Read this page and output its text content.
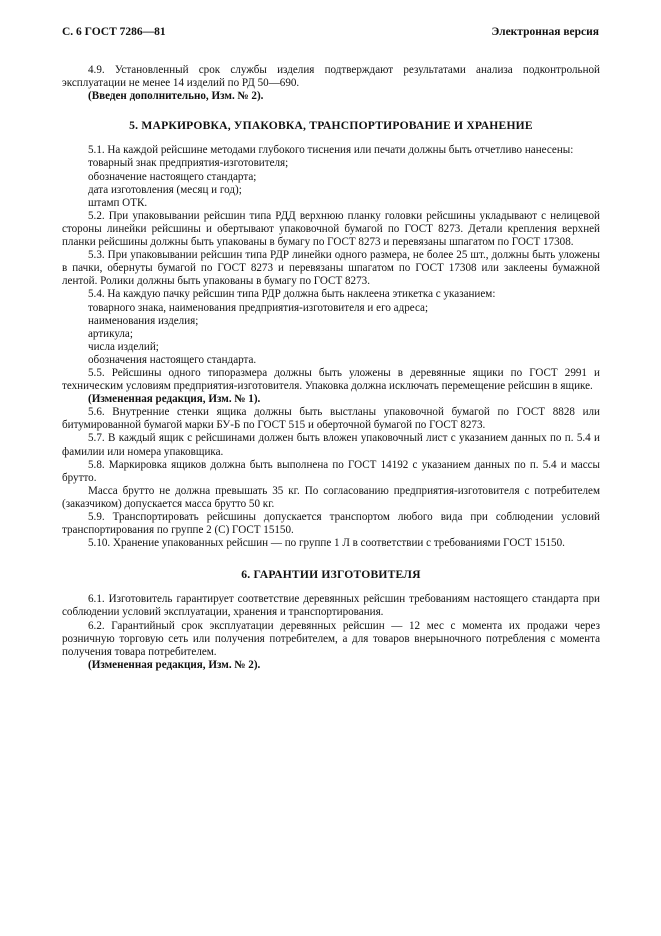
С. 6 ГОСТ 7286—81	Электронная версия

4.9. Установленный срок службы изделия подтверждают результатами анализа подконтрольной эксплуатации не менее 14 изделий по РД 50—690.

(Введен дополнительно, Изм. № 2).

5. МАРКИРОВКА, УПАКОВКА, ТРАНСПОРТИРОВАНИЕ И ХРАНЕНИЕ

5.1. На каждой рейсшине методами глубокого тиснения или печати должны быть отчетливо нанесены:

товарный знак предприятия-изготовителя;

обозначение настоящего стандарта;

дата изготовления (месяц и год);

штамп ОТК.

5.2. При упаковывании рейсшин типа РДД верхнюю планку головки рейсшины укладывают с нелицевой стороны линейки рейсшины и обертывают упаковочной бумагой по ГОСТ 8273. Детали крепления верхней планки рейсшины должны быть упакованы в бумагу по ГОСТ 8273 и перевязаны шпагатом по ГОСТ 17308.

5.3. При упаковывании рейсшин типа РДР линейки одного размера, не более 25 шт., должны быть уложены в пачки, обернуты бумагой по ГОСТ 8273 и перевязаны шпагатом по ГОСТ 17308 или заклеены бумажной лентой. Ролики должны быть упакованы в бумагу по ГОСТ 8273.

5.4. На каждую пачку рейсшин типа РДР должна быть наклеена этикетка с указанием:

товарного знака, наименования предприятия-изготовителя и его адреса;

наименования изделия;

артикула;

числа изделий;

обозначения настоящего стандарта.

5.5. Рейсшины одного типоразмера должны быть уложены в деревянные ящики по ГОСТ 2991 и техническим условиям предприятия-изготовителя. Упаковка должна исключать перемещение рейсшин в ящике.

(Измененная редакция, Изм. № 1).

5.6. Внутренние стенки ящика должны быть выстланы упаковочной бумагой по ГОСТ 8828 или битумированной бумагой марки БУ-Б по ГОСТ 515 и оберточной бумагой по ГОСТ 8273.

5.7. В каждый ящик с рейсшинами должен быть вложен упаковочный лист с указанием данных по п. 5.4 и фамилии или номера упаковщика.

5.8. Маркировка ящиков должна быть выполнена по ГОСТ 14192 с указанием данных по п. 5.4 и массы брутто.

Масса брутто не должна превышать 35 кг. По согласованию предприятия-изготовителя с потребителем (заказчиком) допускается масса брутто 50 кг.

5.9. Транспортировать рейсшины допускается транспортом любого вида при соблюдении условий транспортирования по группе 2 (С) ГОСТ 15150.

5.10. Хранение упакованных рейсшин — по группе 1 Л в соответствии с требованиями ГОСТ 15150.

6. ГАРАНТИИ ИЗГОТОВИТЕЛЯ

6.1. Изготовитель гарантирует соответствие деревянных рейсшин требованиям настоящего стандарта при соблюдении условий эксплуатации, хранения и транспортирования.

6.2. Гарантийный срок эксплуатации деревянных рейсшин — 12 мес с момента их продажи через розничную торговую сеть или получения потребителем, а для товаров внерыночного потребления с момента получения товара потребителем.

(Измененная редакция, Изм. № 2).
